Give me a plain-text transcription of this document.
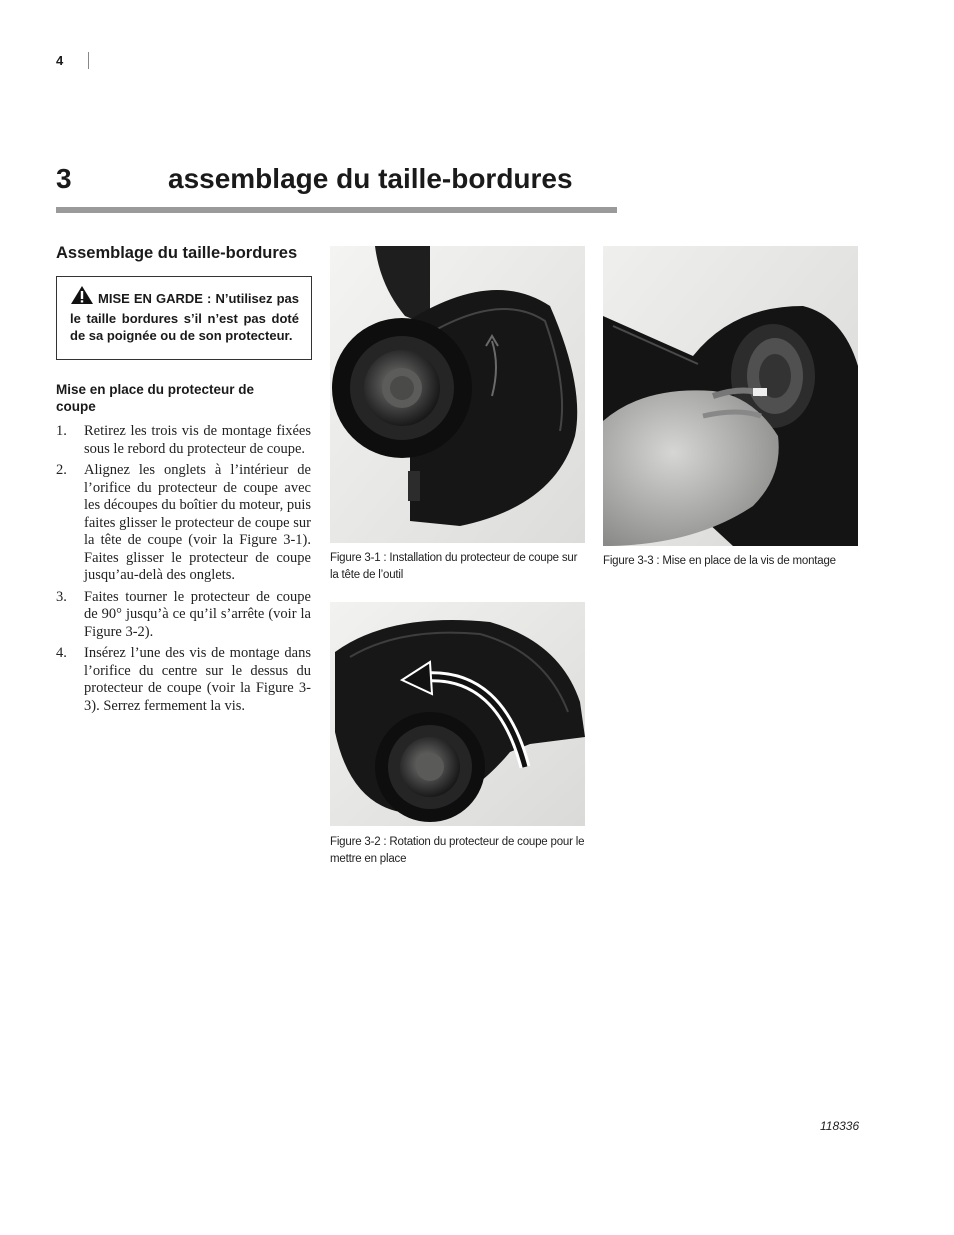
4
3	assemblage du taille-bordures
Assemblage du taille-bordures
MISE EN GARDE : N’utilisez pas le taille bordures s’il n’est pas doté de sa poignée ou de son protecteur.
Mise en place du protecteur de coupe
1. Retirez les trois vis de montage fixées sous le rebord du protecteur de coupe.
2. Alignez les onglets à l’intérieur de l’orifice du protecteur de coupe avec les découpes du boîtier du moteur, puis faites glisser le protecteur de coupe sur la tête de coupe (voir la Figure 3-1). Faites glisser le protecteur de coupe jusqu’au-delà des onglets.
3. Faites tourner le protecteur de coupe de 90° jusqu’à ce qu’il s’arrête (voir la Figure 3-2).
4. Insérez l’une des vis de montage dans l’orifice du centre sur le dessus du protecteur de coupe (voir la Figure 3-3). Serrez fermement la vis.
Figure 3-1 : Installation du protecteur de coupe sur la tête de l’outil
Figure 3-2 : Rotation du protecteur de coupe pour le mettre en place
Figure 3-3 : Mise en place de la vis de montage
118336
